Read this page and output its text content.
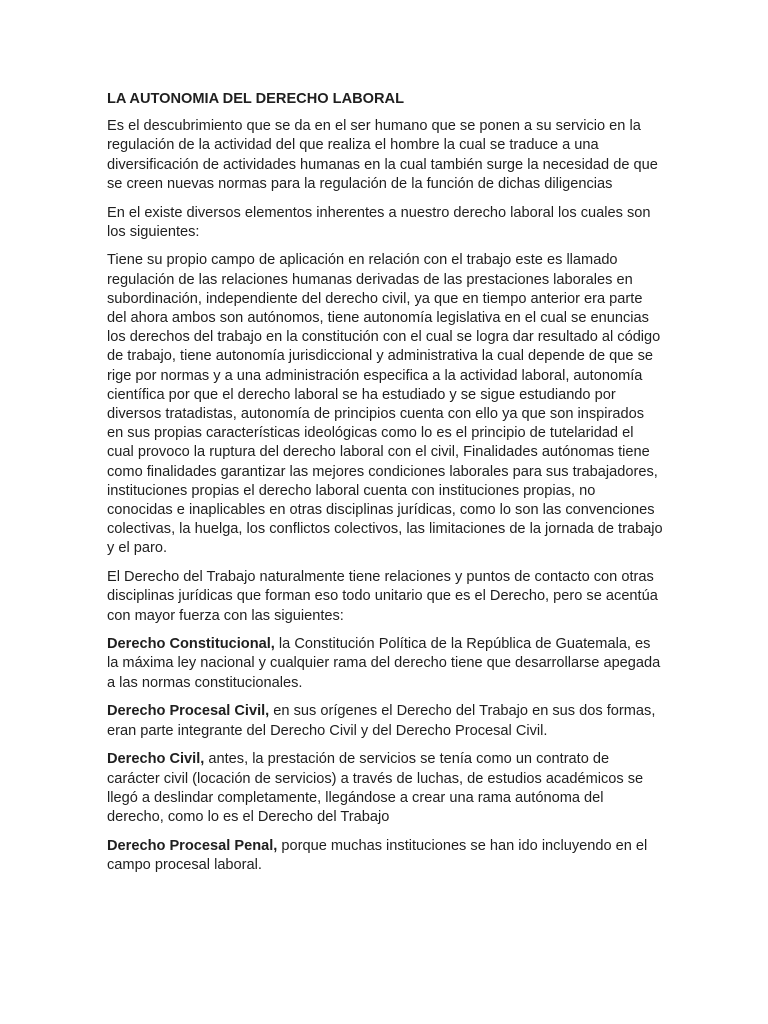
LA AUTONOMIA DEL DERECHO LABORAL

Es el descubrimiento que se da en el ser humano que se ponen a su servicio en la regulación de la actividad del que realiza el hombre la cual se traduce a una diversificación de actividades humanas en la cual también surge la necesidad de que se creen nuevas normas para la regulación de la función de dichas diligencias

En el existe diversos elementos inherentes a nuestro derecho laboral los cuales son los siguientes:

Tiene su propio campo de aplicación en relación con el trabajo este es llamado regulación de las relaciones humanas derivadas de las prestaciones laborales en subordinación, independiente del derecho civil, ya que en tiempo anterior era parte del ahora ambos son autónomos, tiene autonomía legislativa en el cual se enuncias los derechos del trabajo en la constitución con el cual se logra dar resultado al código de trabajo, tiene autonomía jurisdiccional y administrativa la cual depende de que se rige por normas y a una administración especifica a la actividad laboral, autonomía científica por que el derecho laboral se ha estudiado y se sigue estudiando por diversos tratadistas, autonomía de principios cuenta con ello ya que son inspirados en sus propias características ideológicas como lo es el principio de tutelaridad el cual provoco la ruptura del derecho laboral con el civil, Finalidades autónomas tiene como finalidades garantizar las mejores condiciones laborales para sus trabajadores, instituciones propias el derecho laboral cuenta con instituciones propias, no conocidas e inaplicables en otras disciplinas jurídicas, como lo son las convenciones colectivas, la huelga, los conflictos colectivos, las limitaciones de la jornada de trabajo y el paro.

El Derecho del Trabajo naturalmente tiene relaciones y puntos de contacto con otras disciplinas jurídicas que forman eso todo unitario que es el Derecho, pero se acentúa con mayor fuerza con las siguientes:

Derecho Constitucional, la Constitución Política de la República de Guatemala, es la máxima ley nacional y cualquier rama del derecho tiene que desarrollarse apegada a las normas constitucionales.

Derecho Procesal Civil, en sus orígenes el Derecho del Trabajo en sus dos formas, eran parte integrante del Derecho Civil y del Derecho Procesal Civil.

Derecho Civil, antes, la prestación de servicios se tenía como un contrato de carácter civil (locación de servicios) a través de luchas, de estudios académicos se llegó a deslindar completamente, llegándose a crear una rama autónoma del derecho, como lo es el Derecho del Trabajo

Derecho Procesal Penal, porque muchas instituciones se han ido incluyendo en el campo procesal laboral.
